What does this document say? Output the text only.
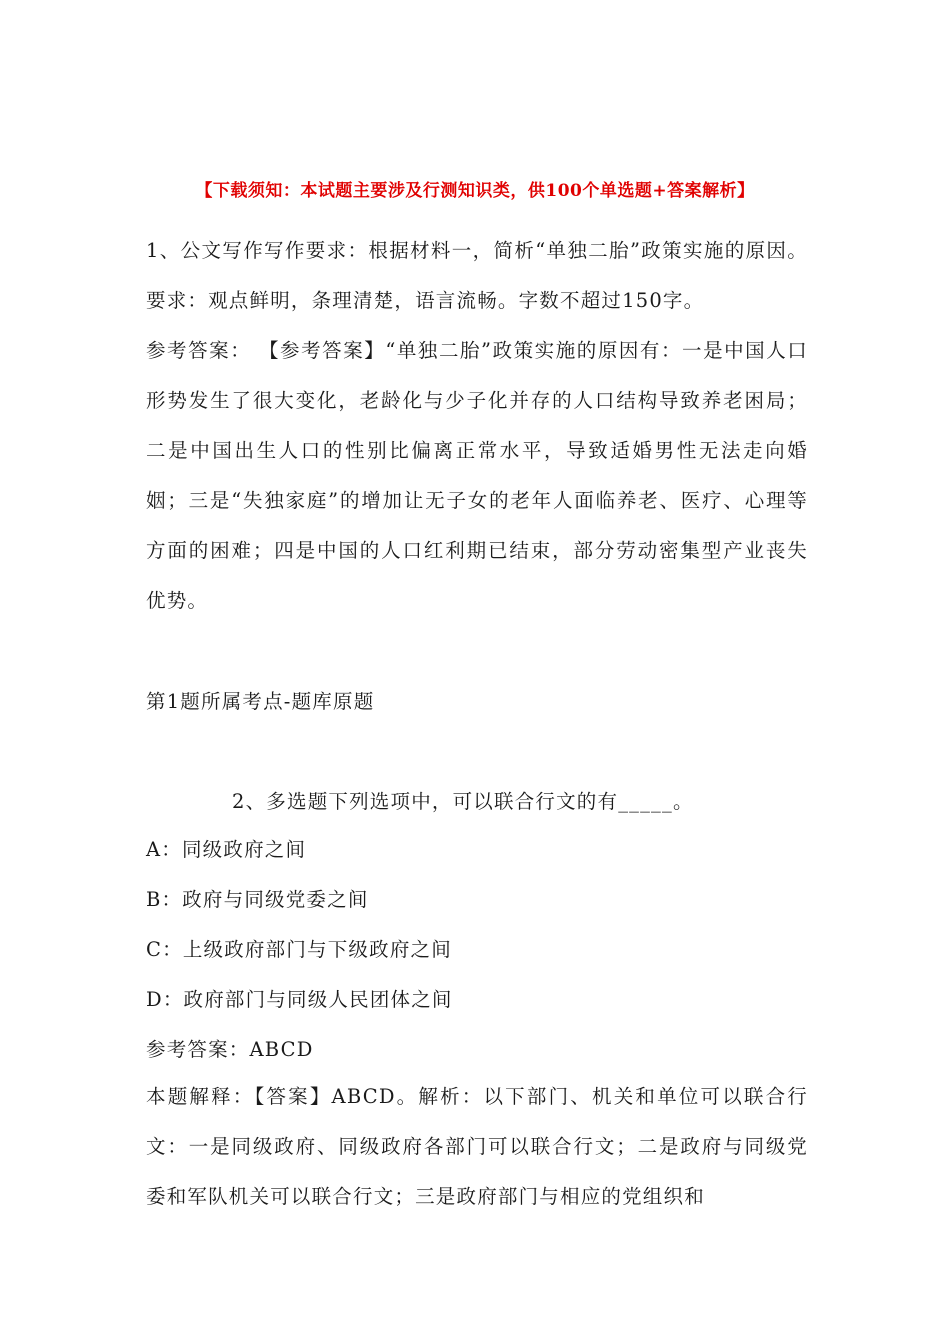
【下载须知：本试题主要涉及行测知识类，供100个单选题+答案解析】

1、公文写作写作要求：根据材料一，简析“单独二胎”政策实施的原因。要求：观点鲜明，条理清楚，语言流畅。字数不超过150字。

参考答案： 【参考答案】“单独二胎”政策实施的原因有：一是中国人口形势发生了很大变化，老龄化与少子化并存的人口结构导致养老困局；二是中国出生人口的性别比偏离正常水平，导致适婚男性无法走向婚姻；三是“失独家庭”的增加让无子女的老年人面临养老、医疗、心理等方面的困难；四是中国的人口红利期已结束，部分劳动密集型产业丧失优势。

第1题所属考点-题库原题
2、多选题下列选项中，可以联合行文的有_____。
A：同级政府之间
B：政府与同级党委之间
C：上级政府部门与下级政府之间
D：政府部门与同级人民团体之间
参考答案：ABCD

本题解释：【答案】ABCD。解析：以下部门、机关和单位可以联合行文：一是同级政府、同级政府各部门可以联合行文；二是政府与同级党委和军队机关可以联合行文；三是政府部门与相应的党组织和
